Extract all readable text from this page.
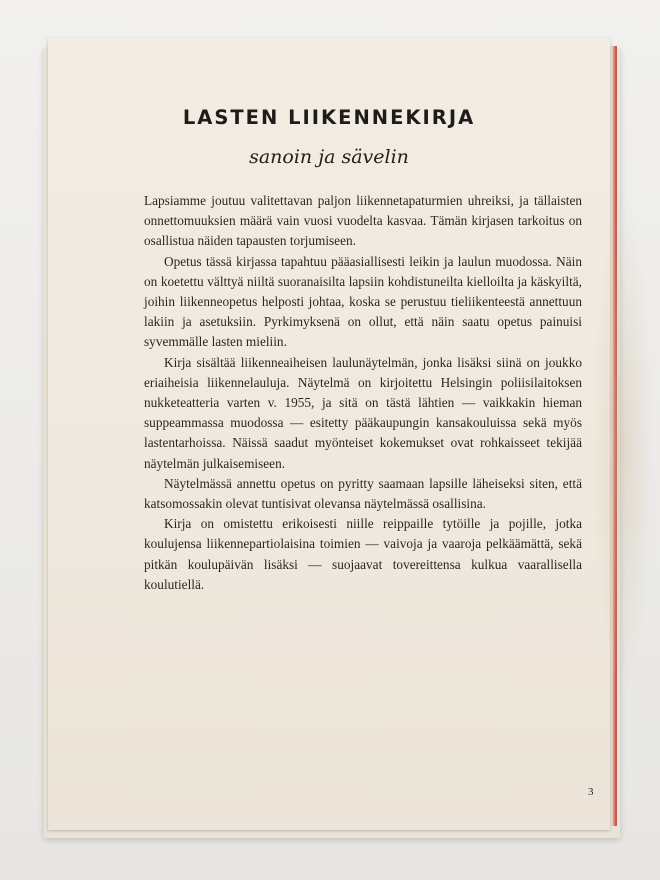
LASTEN LIIKENNEKIRJA
sanoin ja sävelin

Lapsiamme joutuu valitettavan paljon liikennetapaturmien uhreiksi, ja tällaisten onnettomuuksien määrä vain vuosi vuodelta kasvaa. Tämän kirjasen tarkoitus on osallistua näiden tapausten torjumiseen.

Opetus tässä kirjassa tapahtuu pääasiallisesti leikin ja laulun muodossa. Näin on koetettu välttyä niiltä suoranaisilta lapsiin kohdistuneilta kielloilta ja käskyiltä, joihin liikenneopetus helposti johtaa, koska se perustuu tieliikenteestä annettuun lakiin ja asetuksiin. Pyrkimyksenä on ollut, että näin saatu opetus painuisi syvemmälle lasten mieliin.

Kirja sisältää liikenneaiheisen laulunäytelmän, jonka lisäksi siinä on joukko eriaiheisia liikennelauluja. Näytelmä on kirjoitettu Helsingin poliisilaitoksen nukketeatteria varten v. 1955, ja sitä on tästä lähtien — vaikkakin hieman suppeammassa muodossa — esitetty pääkaupungin kansakouluissa sekä myös lastentarhoissa. Näissä saadut myönteiset kokemukset ovat rohkaisseet tekijää näytelmän julkaisemiseen.

Näytelmässä annettu opetus on pyritty saamaan lapsille läheiseksi siten, että katsomossakin olevat tuntisivat olevansa näytelmässä osallisina.

Kirja on omistettu erikoisesti niille reippaille tytöille ja pojille, jotka koulujensa liikennepartiolaisina toimien — vaivoja ja vaaroja pelkäämättä, sekä pitkän koulupäivän lisäksi — suojaavat tovereittensa kulkua vaarallisella koulutiellä.

3
